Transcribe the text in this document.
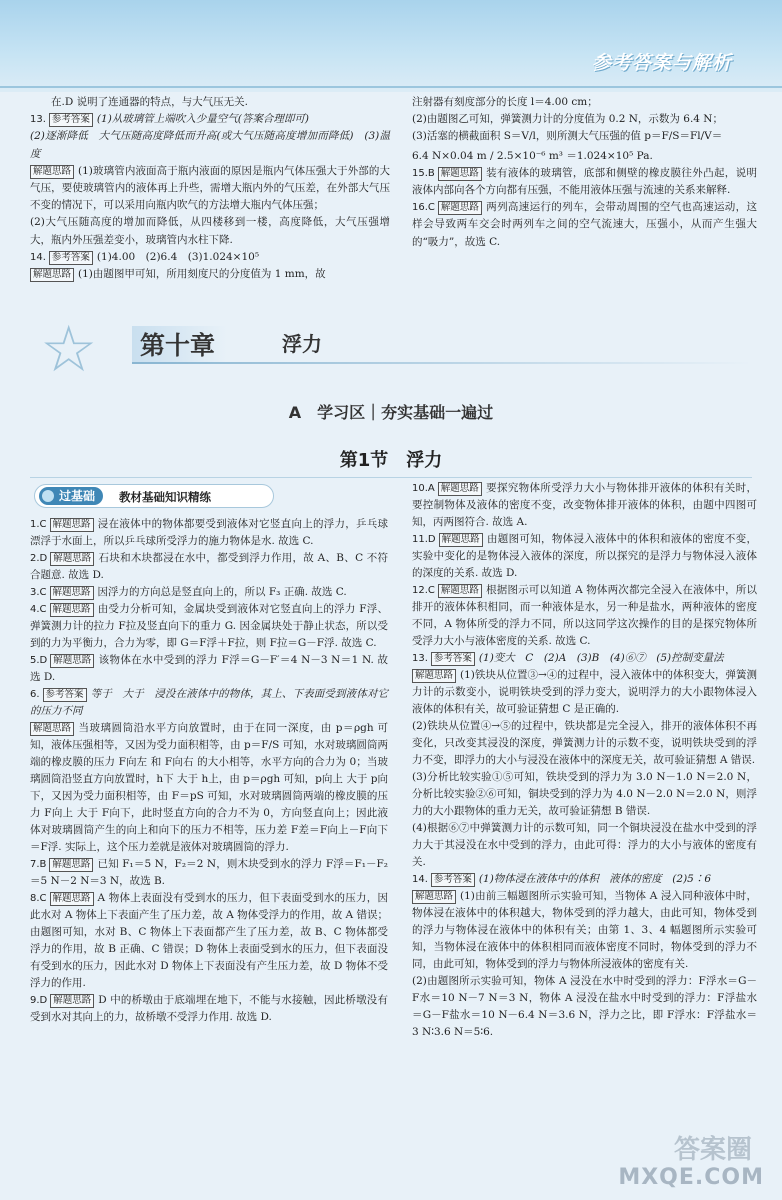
参考答案与解析
在.D 说明了连通器的特点，与大气压无关.
13. 参考答案 (1)从玻璃管上端吹入少量空气(答案合理即可)
(2)逐渐降低　大气压随高度降低而升高(或大气压随高度增加而降低)　(3)温度
解题思路 (1)玻璃管内液面高于瓶内液面的原因是瓶内气体压强大于外部的大气压，要使玻璃管内的液体再上升些，需增大瓶内外的气压差，在外部大气压不变的情况下，可以采用向瓶内吹气的方法增大瓶内气体压强；
(2)大气压随高度的增加而降低，从四楼移到一楼，高度降低，大气压强增大，瓶内外压强差变小，玻璃管内水柱下降.
14. 参考答案 (1)4.00　(2)6.4　(3)1.024×10⁵
解题思路 (1)由题图甲可知，所用刻度尺的分度值为 1 mm，故
注射器有刻度部分的长度 l＝4.00 cm；
(2)由题图乙可知，弹簧测力计的分度值为 0.2 N，示数为 6.4 N；
(3)活塞的横截面积 S＝V/l，则所测大气压强的值 p＝F/S＝Fl/V＝
6.4 N×0.04 m / 2.5×10⁻⁶ m³ ＝1.024×10⁵ Pa.
15.B 解题思路 装有液体的玻璃管，底部和侧壁的橡皮膜往外凸起，说明液体内部向各个方向都有压强，不能用液体压强与流速的关系来解释.
16.C 解题思路 两列高速运行的列车，会带动周围的空气也高速运动，这样会导致两车交会时两列车之间的空气流速大，压强小，从而产生强大的“吸力”，故选 C.
☆	第十章	浮力
A　学习区｜夯实基础一遍过
第1节　浮力
过基础	教材基础知识精练
1.C 解题思路 浸在液体中的物体都要受到液体对它竖直向上的浮力，乒乓球漂浮于水面上，所以乒乓球所受浮力的施力物体是水. 故选 C.
2.D 解题思路 石块和木块都浸在水中，都受到浮力作用，故 A、B、C 不符合题意. 故选 D.
3.C 解题思路 因浮力的方向总是竖直向上的，所以 F₃ 正确. 故选 C.
4.C 解题思路 由受力分析可知，金属块受到液体对它竖直向上的浮力 F浮、弹簧测力计的拉力 F拉及竖直向下的重力 G. 因金属块处于静止状态，所以受到的力为平衡力，合力为零，即 G＝F浮＋F拉，则 F拉＝G－F浮. 故选 C.
5.D 解题思路 该物体在水中受到的浮力 F浮＝G－F′＝4 N－3 N＝1 N. 故选 D.
6. 参考答案 等于　大于　浸没在液体中的物体，其上、下表面受到液体对它的压力不同
解题思路 当玻璃圆筒沿水平方向放置时，由于在同一深度，由 p＝ρgh 可知，液体压强相等，又因为受力面积相等，由 p＝F/S 可知，水对玻璃圆筒两端的橡皮膜的压力 F向左 和 F向右 的大小相等，水平方向的合力为 0；当玻璃圆筒沿竖直方向放置时，h下 大于 h上，由 p＝ρgh 可知，p向上 大于 p向下，又因为受力面积相等，由 F＝pS 可知，水对玻璃圆筒两端的橡皮膜的压力 F向上 大于 F向下，此时竖直方向的合力不为 0，方向竖直向上；因此液体对玻璃圆筒产生的向上和向下的压力不相等，压力差 F差＝F向上－F向下＝F浮. 实际上，这个压力差就是液体对玻璃圆筒的浮力.
7.B 解题思路 已知 F₁＝5 N，F₂＝2 N，则木块受到水的浮力 F浮＝F₁－F₂＝5 N－2 N＝3 N，故选 B.
8.C 解题思路 A 物体上表面没有受到水的压力，但下表面受到水的压力，因此水对 A 物体上下表面产生了压力差，故 A 物体受浮力的作用，故 A 错误；由题图可知，水对 B、C 物体上下表面都产生了压力差，故 B、C 物体都受浮力的作用，故 B 正确、C 错误；D 物体上表面受到水的压力，但下表面没有受到水的压力，因此水对 D 物体上下表面没有产生压力差，故 D 物体不受浮力的作用.
9.D 解题思路 D 中的桥墩由于底端埋在地下，不能与水接触，因此桥墩没有受到水对其向上的力，故桥墩不受浮力作用. 故选 D.
10.A 解题思路 要探究物体所受浮力大小与物体排开液体的体积有关时，要控制物体及液体的密度不变，改变物体排开液体的体积，由题中四图可知，丙两图符合. 故选 A.
11.D 解题思路 由题图可知，物体浸入液体中的体积和液体的密度不变，实验中变化的是物体浸入液体的深度，所以探究的是浮力与物体浸入液体的深度的关系. 故选 D.
12.C 解题思路 根据图示可以知道 A 物体两次都完全浸入在液体中，所以排开的液体体积相同，而一种液体是水，另一种是盐水，两种液体的密度不同，A 物体所受的浮力不同，所以这同学这次操作的目的是探究物体所受浮力大小与液体密度的关系. 故选 C.
13. 参考答案 (1)变大　C　(2)A　(3)B　(4)⑥⑦　(5)控制变量法
解题思路 (1)铁块从位置③→④的过程中，浸入液体中的体积变大，弹簧测力计的示数变小，说明铁块受到的浮力变大，说明浮力的大小跟物体浸入液体的体积有关，故可验证猜想 C 是正确的.
(2)铁块从位置④→⑤的过程中，铁块都是完全浸入，排开的液体体积不再变化，只改变其浸没的深度，弹簧测力计的示数不变，说明铁块受到的浮力不变，即浮力的大小与浸没在液体中的深度无关，故可验证猜想 A 错误.
(3)分析比较实验①⑤可知，铁块受到的浮力为 3.0 N－1.0 N＝2.0 N，分析比较实验②⑥可知，铜块受到的浮力为 4.0 N－2.0 N＝2.0 N，则浮力的大小跟物体的重力无关，故可验证猜想 B 错误.
(4)根据⑥⑦中弹簧测力计的示数可知，同一个铜块浸没在盐水中受到的浮力大于其浸没在水中受到的浮力，由此可得：浮力的大小与液体的密度有关.
14. 参考答案 (1)物体浸在液体中的体积　液体的密度　(2)5∶6
解题思路 (1)由前三幅题图所示实验可知，当物体 A 浸入同种液体中时，物体浸在液体中的体积越大，物体受到的浮力越大，由此可知，物体受到的浮力与物体浸在液体中的体积有关；由第 1、3、4 幅题图所示实验可知，当物体浸在液体中的体积相同而液体密度不同时，物体受到的浮力不同，由此可知，物体受到的浮力与物体所浸液体的密度有关.
(2)由题图所示实验可知，物体 A 浸没在水中时受到的浮力：F浮水＝G－F水＝10 N－7 N＝3 N，物体 A 浸没在盐水中时受到的浮力：F浮盐水＝G－F盐水＝10 N－6.4 N＝3.6 N，浮力之比，即 F浮水：F浮盐水＝3 N∶3.6 N＝5∶6.
答案圈
MXQE.COM
